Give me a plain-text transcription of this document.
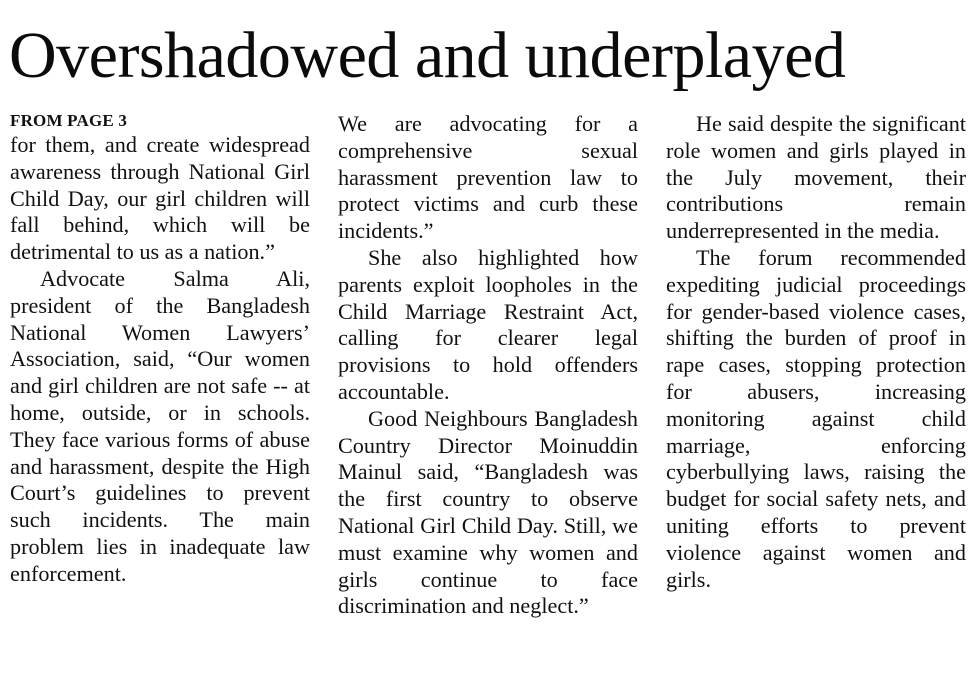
Overshadowed and underplayed
FROM PAGE 3

for them, and create widespread awareness through National Girl Child Day, our girl children will fall behind, which will be detrimental to us as a nation.”

Advocate Salma Ali, president of the Bangladesh National Women Lawyers’ Association, said, “Our women and girl children are not safe -- at home, outside, or in schools. They face various forms of abuse and harassment, despite the High Court’s guidelines to prevent such incidents. The main problem lies in inadequate law enforcement.

We are advocating for a comprehensive sexual harassment prevention law to protect victims and curb these incidents.”

She also highlighted how parents exploit loopholes in the Child Marriage Restraint Act, calling for clearer legal provisions to hold offenders accountable.

Good Neighbours Bangladesh Country Director Moinuddin Mainul said, “Bangladesh was the first country to observe National Girl Child Day. Still, we must examine why women and girls continue to face discrimination and neglect.”

He said despite the significant role women and girls played in the July movement, their contributions remain underrepresented in the media.

The forum recommended expediting judicial proceedings for gender-based violence cases, shifting the burden of proof in rape cases, stopping protection for abusers, increasing monitoring against child marriage, enforcing cyberbullying laws, raising the budget for social safety nets, and uniting efforts to prevent violence against women and girls.
